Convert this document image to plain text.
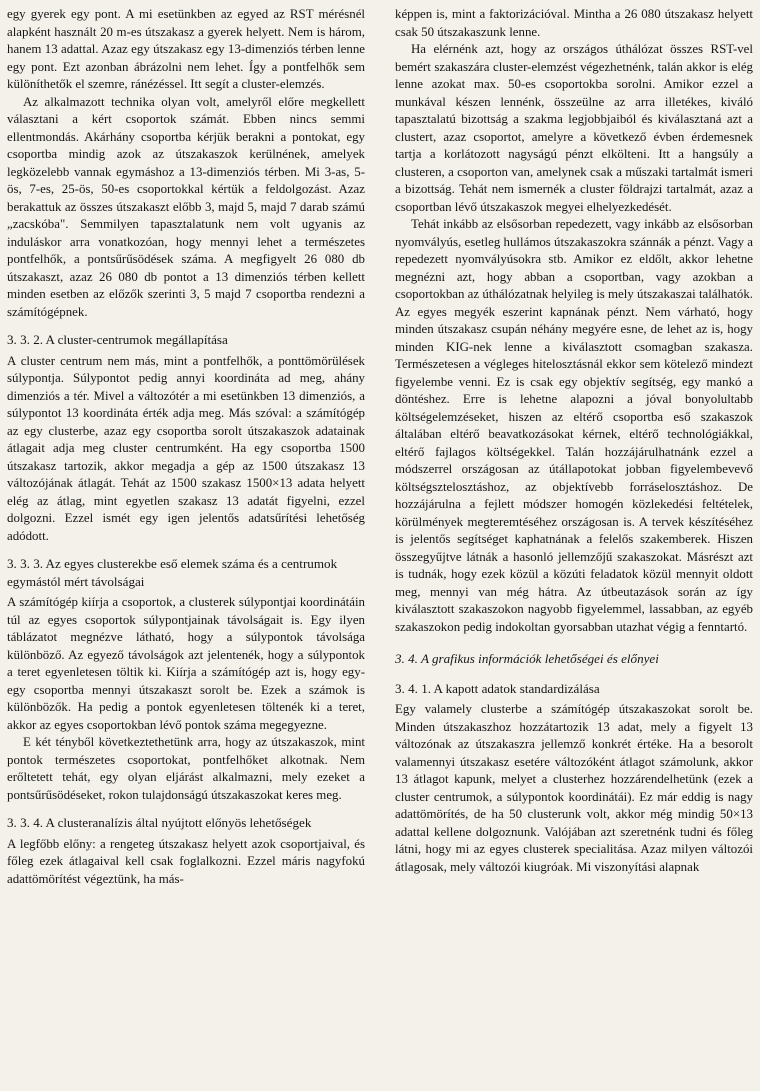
egy gyerek egy pont. A mi esetünkben az egyed az RST mérésnél alapként használt 20 m-es útszakasz a gyerek helyett. Nem is három, hanem 13 adattal. Azaz egy útszakasz egy 13-dimenziós térben lenne egy pont. Ezt azonban ábrázolni nem lehet. Így a pontfelhők sem különíthetők el szemre, ránézéssel. Itt segít a cluster-elemzés.

Az alkalmazott technika olyan volt, amelyről előre megkellett választani a kért csoportok számát. Ebben nincs semmi ellentmondás. Akárhány csoportba kérjük berakni a pontokat, egy csoportba mindig azok az útszakaszok kerülnének, amelyek legközelebb vannak egymáshoz a 13-dimenziós térben. Mi 3-as, 5-ös, 7-es, 25-ös, 50-es csoportokkal kértük a feldolgozást. Azaz berakattuk az összes útszakaszt előbb 3, majd 5, majd 7 darab számú „zacskóba". Semmilyen tapasztalatunk nem volt ugyanis az induláskor arra vonatkozóan, hogy mennyi lehet a természetes pontfelhők, a pontsűrűsödések száma. A megfigyelt 26 080 db útszakaszt, azaz 26 080 db pontot a 13 dimenziós térben kellett minden esetben az előzők szerinti 3, 5 majd 7 csoportba rendezni a számítógépnek.

3. 3. 2. A cluster-centrumok megállapítása

A cluster centrum nem más, mint a pontfelhők, a ponttömörülések súlypontja. Súlypontot pedig annyi koordináta ad meg, ahány dimenziós a tér. Mivel a változótér a mi esetünkben 13 dimenziós, a súlypontot 13 koordináta érték adja meg. Más szóval: a számítógép az egy clusterbe, azaz egy csoportba sorolt útszakaszok adatainak átlagait adja meg cluster centrumként. Ha egy csoportba 1500 útszakasz tartozik, akkor megadja a gép az 1500 útszakasz 13 változójának átlagát. Tehát az 1500 szakasz 1500×13 adata helyett elég az átlag, mint egyetlen szakasz 13 adatát figyelni, ezzel dolgozni. Ezzel ismét egy igen jelentős adatsűrítési lehetőség adódott.

3. 3. 3. Az egyes clusterekbe eső elemek száma és a centrumok egymástól mért távolságai

A számítógép kiírja a csoportok, a clusterek súlypontjai koordinátáin túl az egyes csoportok súlypontjainak távolságait is. Egy ilyen táblázatot megnézve látható, hogy a súlypontok távolsága különböző. Az egyező távolságok azt jelentenék, hogy a súlypontok a teret egyenletesen töltik ki. Kiírja a számítógép azt is, hogy egy-egy csoportba mennyi útszakaszt sorolt be. Ezek a számok is különbözők. Ha pedig a pontok egyenletesen töltenék ki a teret, akkor az egyes csoportokban lévő pontok száma megegyezne.

E két tényből következtethetünk arra, hogy az útszakaszok, mint pontok természetes csoportokat, pontfelhőket alkotnak. Nem erőltetett tehát, egy olyan eljárást alkalmazni, mely ezeket a pontsűrűsödéseket, rokon tulajdonságú útszakaszokat keres meg.

3. 3. 4. A clusteranalízis által nyújtott előnyös lehetőségek

A legfőbb előny: a rengeteg útszakasz helyett azok csoportjaival, és főleg ezek átlagaival kell csak foglalkozni. Ezzel máris nagyfokú adattömörítést végeztünk, ha más-

képpen is, mint a faktorizációval. Mintha a 26 080 útszakasz helyett csak 50 útszakaszunk lenne.

Ha elérnénk azt, hogy az országos úthálózat összes RST-vel bemért szakaszára cluster-elemzést végezhetnénk, talán akkor is elég lenne azokat max. 50-es csoportokba sorolni. Amikor ezzel a munkával készen lennénk, összeülne az arra illetékes, kiváló tapasztalatú bizottság a szakma legjobbjaiból és kiválasztaná azt a clustert, azaz csoportot, amelyre a következő évben érdemesnek tartja a korlátozott nagyságú pénzt elkölteni. Itt a hangsúly a clusteren, a csoporton van, amelynek csak a műszaki tartalmát ismeri a bizottság. Tehát nem ismernék a cluster földrajzi tartalmát, azaz a csoportban lévő útszakaszok megyei elhelyezkedését.

Tehát inkább az elsősorban repedezett, vagy inkább az elsősorban nyomvályús, esetleg hullámos útszakaszokra szánnák a pénzt. Vagy a repedezett nyomvályúsokra stb. Amikor ez eldőlt, akkor lehetne megnézni azt, hogy abban a csoportban, vagy azokban a csoportokban az úthálózatnak helyileg is mely útszakaszai találhatók. Az egyes megyék eszerint kapnának pénzt. Nem várható, hogy minden útszakasz csupán néhány megyére esne, de lehet az is, hogy minden KIG-nek lenne a kiválasztott csomagban szakasza. Természetesen a végleges hitelosztásnál ekkor sem kötelező mindezt figyelembe venni. Ez is csak egy objektív segítség, egy mankó a döntéshez. Erre is lehetne alapozni a jóval bonyolultabb költségelemzéseket, hiszen az eltérő csoportba eső szakaszok általában eltérő beavatkozásokat kérnek, eltérő technológiákkal, eltérő fajlagos költségekkel. Talán hozzájárulhatnánk ezzel a módszerrel országosan az útállapotokat jobban figyelembevevő költségsztelosztáshoz, az objektívebb forráselosztáshoz. De hozzájárulna a fejlett módszer homogén közlekedési feltételek, körülmények megteremtéséhez országosan is. A tervek készítéséhez is jelentős segítséget kaphatnának a felelős szakemberek. Hiszen összegyűjtve látnák a hasonló jellemzőjű szakaszokat. Másrészt azt is tudnák, hogy ezek közül a közúti feladatok közül mennyit oldott meg, mennyi van még hátra. Az útbeutazások során az így kiválasztott szakaszokon nagyobb figyelemmel, lassabban, az egyéb szakaszokon pedig indokoltan gyorsabban utazhat végig a fenntartó.

3. 4. A grafikus információk lehetőségei és előnyei
3. 4. 1. A kapott adatok standardizálása

Egy valamely clusterbe a számítógép útszakaszokat sorolt be. Minden útszakaszhoz hozzátartozik 13 adat, mely a figyelt 13 változónak az útszakaszra jellemző konkrét értéke. Ha a besorolt valamennyi útszakasz esetére változóként átlagot számolunk, akkor 13 átlagot kapunk, melyet a clusterhez hozzárendelhetünk (ezek a cluster centrumok, a súlypontok koordinátái). Ez már eddig is nagy adattömörítés, de ha 50 clusterunk volt, akkor még mindig 50×13 adattal kellene dolgoznunk. Valójában azt szeretnénk tudni és főleg látni, hogy mi az egyes clusterek specialitása. Azaz milyen változói átlagosak, mely változói kiugróak. Mi viszonyítási alapnak
